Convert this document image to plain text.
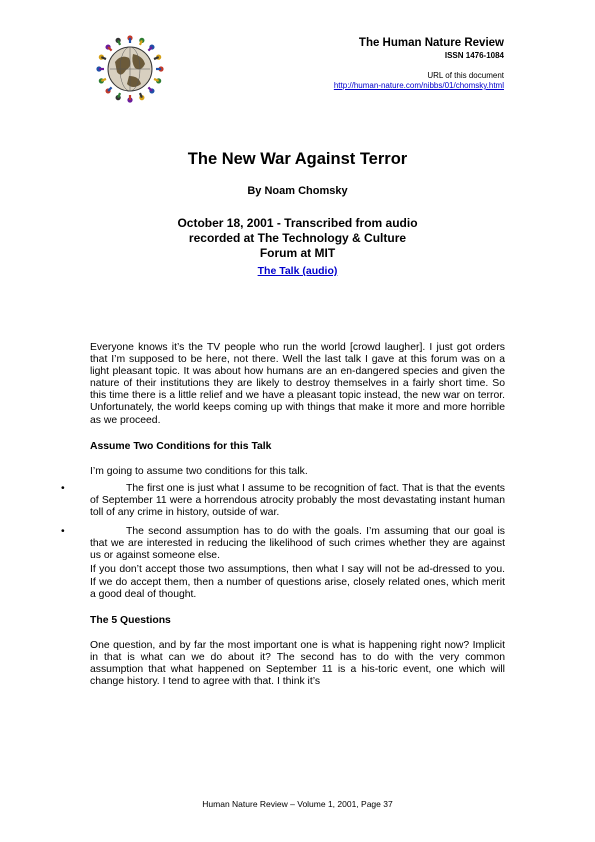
The Human Nature Review
ISSN 1476-1084
URL of this document
http://human-nature.com/nibbs/01/chomsky.html
The New War Against Terror
By Noam Chomsky
October 18, 2001 - Transcribed from audio
recorded at The Technology & Culture
Forum at MIT
The Talk (audio)

Everyone knows it’s the TV people who run the world [crowd laugher]. I just got orders that I’m supposed to be here, not there. Well the last talk I gave at this forum was on a light pleasant topic. It was about how humans are an en-dangered species and given the nature of their institutions they are likely to destroy themselves in a fairly short time. So this time there is a little relief and we have a pleasant topic instead, the new war on terror. Unfortunately, the world keeps coming up with things that make it more and more horrible as we proceed.

Assume Two Conditions for this Talk

I’m going to assume two conditions for this talk.

•	The first one is just what I assume to be recognition of fact. That is that the events of September 11 were a horrendous atrocity probably the most devastating instant human toll of any crime in history, outside of war.

•	The second assumption has to do with the goals. I’m assuming that our goal is that we are interested in reducing the likelihood of such crimes whether they are against us or against someone else.

If you don’t accept those two assumptions, then what I say will not be ad-dressed to you. If we do accept them, then a number of questions arise, closely related ones, which merit a good deal of thought.

The 5 Questions

One question, and by far the most important one is what is happening right now? Implicit in that is what can we do about it? The second has to do with the very common assumption that what happened on September 11 is a his-toric event, one which will change history. I tend to agree with that. I think it’s

Human Nature Review – Volume 1, 2001, Page 37
